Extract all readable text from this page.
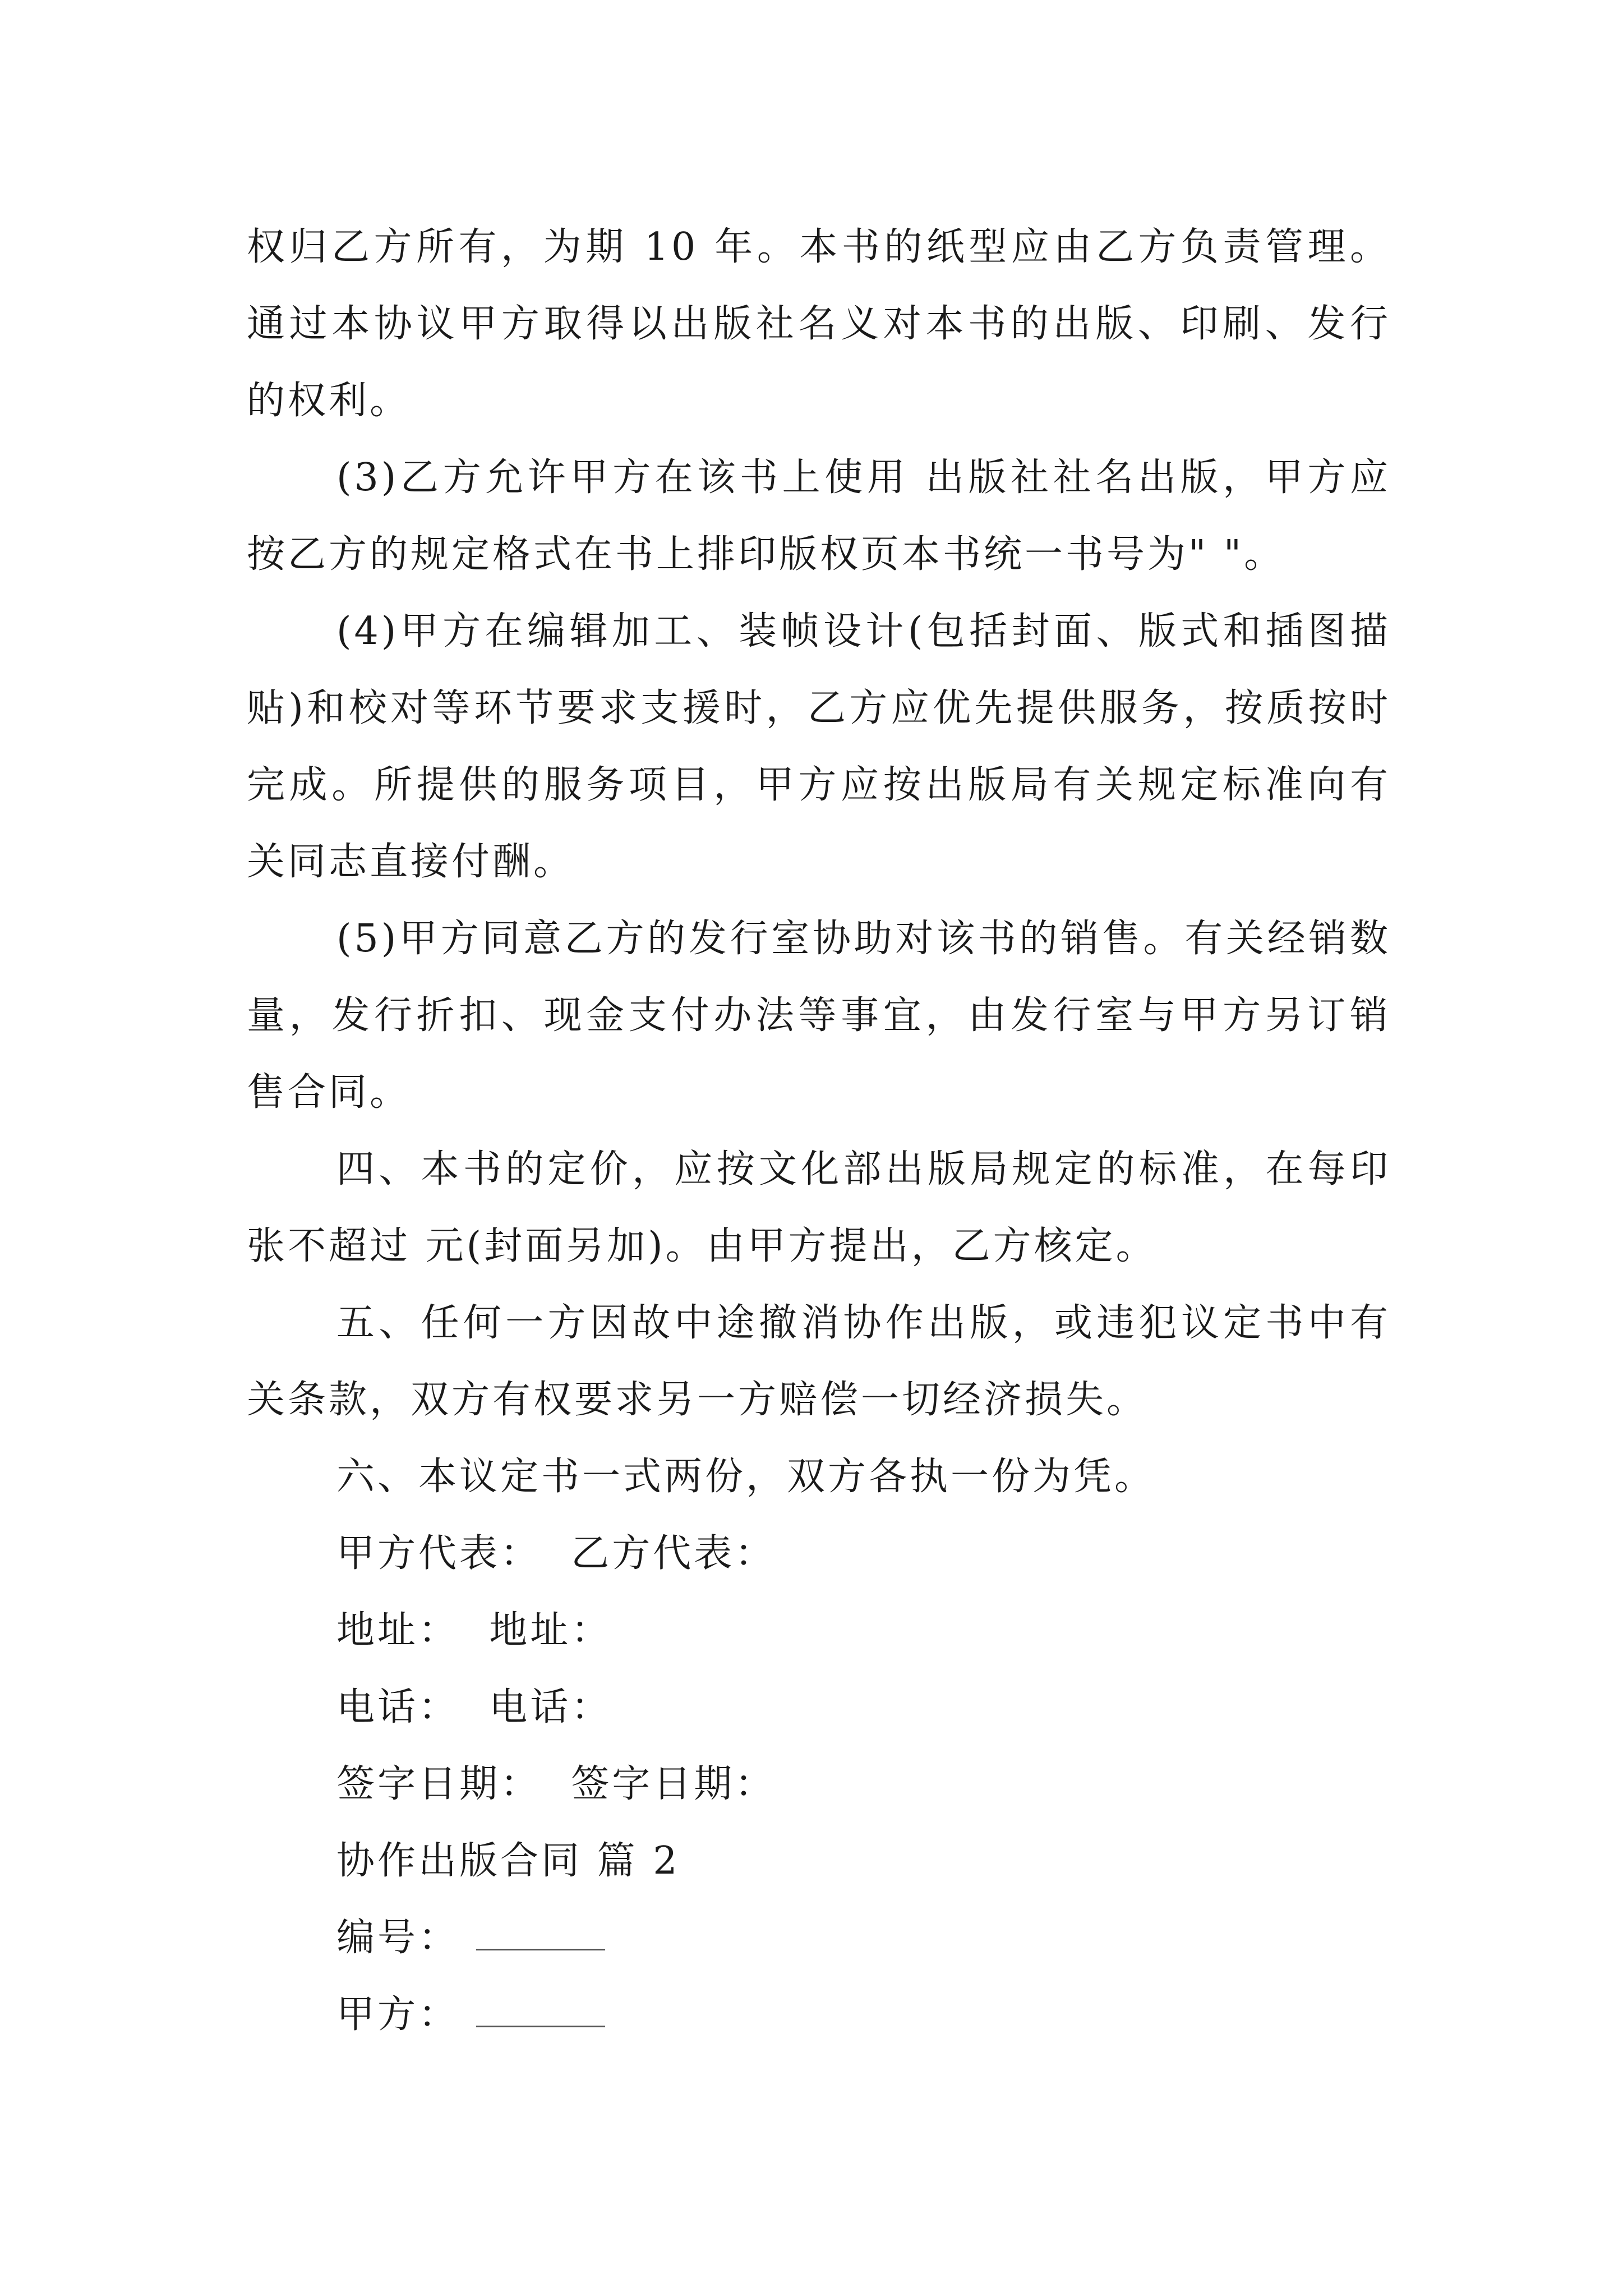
权归乙方所有，为期 10 年。本书的纸型应由乙方负责管理。通过本协议甲方取得以出版社名义对本书的出版、印刷、发行的权利。

(3)乙方允许甲方在该书上使用 出版社社名出版，甲方应按乙方的规定格式在书上排印版权页本书统一书号为" "。

(4)甲方在编辑加工、装帧设计(包括封面、版式和插图描贴)和校对等环节要求支援时，乙方应优先提供服务，按质按时完成。所提供的服务项目，甲方应按出版局有关规定标准向有关同志直接付酬。

(5)甲方同意乙方的发行室协助对该书的销售。有关经销数量，发行折扣、现金支付办法等事宜，由发行室与甲方另订销售合同。

四、本书的定价，应按文化部出版局规定的标准，在每印张不超过 元(封面另加)。由甲方提出，乙方核定。

五、任何一方因故中途撤消协作出版，或违犯议定书中有关条款，双方有权要求另一方赔偿一切经济损失。

六、本议定书一式两份，双方各执一份为凭。

甲方代表：  乙方代表：

地址：  地址：

电话：  电话：

签字日期：  签字日期：

协作出版合同 篇 2

编号：

甲方：
